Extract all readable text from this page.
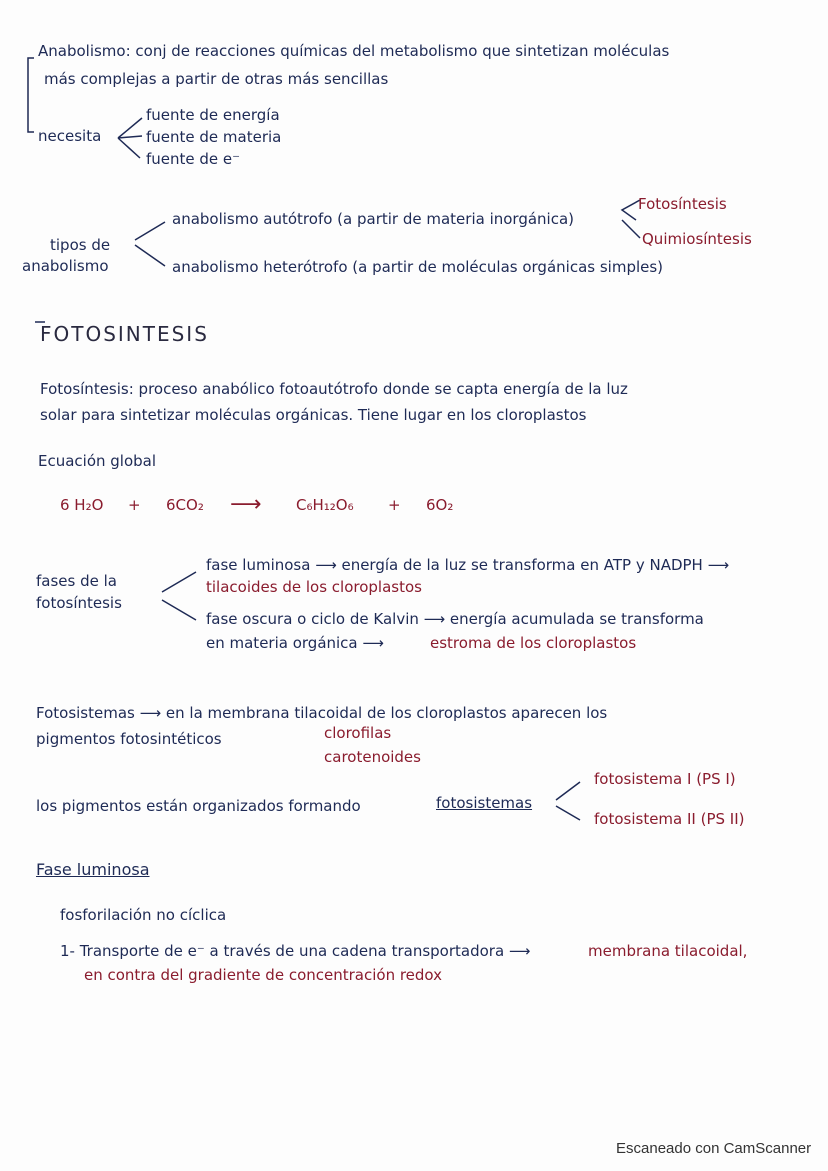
Anabolismo: conj de reacciones químicas del metabolismo que sintetizan moléculas
más complejas a partir de otras más sencillas
necesita
fuente de energía
fuente de materia
fuente de e⁻
tipos de
anabolismo
anabolismo autótrofo (a partir de materia inorgánica)
anabolismo heterótrofo (a partir de moléculas orgánicas simples)
Fotosíntesis
Quimiosíntesis
FOTOSINTESIS
Fotosíntesis: proceso anabólico fotoautótrofo donde se capta energía de la luz
solar para sintetizar moléculas orgánicas. Tiene lugar en los cloroplastos
Ecuación global
6 H₂O + 6CO₂ ⟶ C₆H₁₂O₆ + 6O₂
fases de la
fotosíntesis
fase luminosa ⟶ energía de la luz se transforma en ATP y NADPH ⟶
tilacoides de los cloroplastos
fase oscura o ciclo de Kalvin ⟶ energía acumulada se transforma
en materia orgánica ⟶	estroma de los cloroplastos
Fotosistemas ⟶ en la membrana tilacoidal de los cloroplastos aparecen los
pigmentos fotosintéticos	clorofilas
carotenoides
los pigmentos están organizados formando	fotosistemas
fotosistema I (PS I)
fotosistema II (PS II)
Fase luminosa
fosforilación no cíclica
1- Transporte de e⁻ a través de una cadena transportadora ⟶	membrana tilacoidal,
en contra del gradiente de concentración redox
Escaneado con CamScanner
